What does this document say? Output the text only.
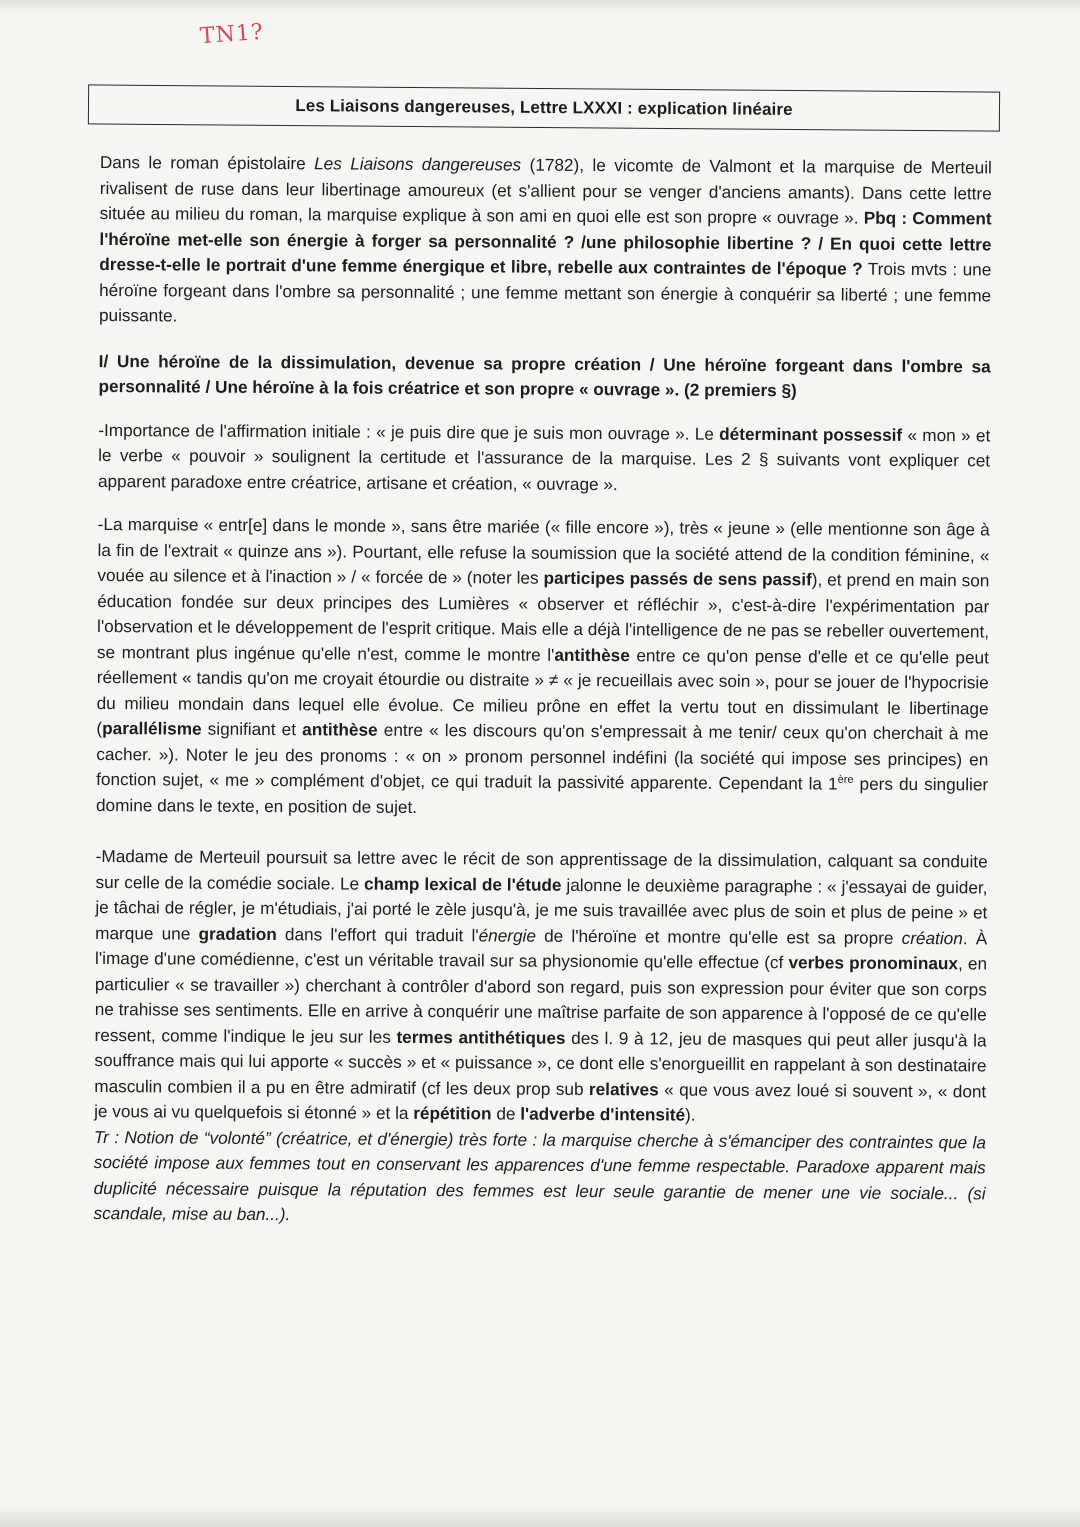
TN1?
Les Liaisons dangereuses, Lettre LXXXI : explication linéaire

Dans le roman épistolaire Les Liaisons dangereuses (1782), le vicomte de Valmont et la marquise de Merteuil rivalisent de ruse dans leur libertinage amoureux (et s'allient pour se venger d'anciens amants). Dans cette lettre située au milieu du roman, la marquise explique à son ami en quoi elle est son propre « ouvrage ». Pbq : Comment l'héroïne met-elle son énergie à forger sa personnalité ? /une philosophie libertine ? / En quoi cette lettre dresse-t-elle le portrait d'une femme énergique et libre, rebelle aux contraintes de l'époque ? Trois mvts : une héroïne forgeant dans l'ombre sa personnalité ; une femme mettant son énergie à conquérir sa liberté ; une femme puissante.

I/ Une héroïne de la dissimulation, devenue sa propre création / Une héroïne forgeant dans l'ombre sa personnalité / Une héroïne à la fois créatrice et son propre « ouvrage ». (2 premiers §)

-Importance de l'affirmation initiale : « je puis dire que je suis mon ouvrage ». Le déterminant possessif « mon » et le verbe « pouvoir » soulignent la certitude et l'assurance de la marquise. Les 2 § suivants vont expliquer cet apparent paradoxe entre créatrice, artisane et création, « ouvrage ».

-La marquise « entr[e] dans le monde », sans être mariée (« fille encore »), très « jeune » (elle mentionne son âge à la fin de l'extrait « quinze ans »). Pourtant, elle refuse la soumission que la société attend de la condition féminine, « vouée au silence et à l'inaction » / « forcée de » (noter les participes passés de sens passif), et prend en main son éducation fondée sur deux principes des Lumières « observer et réfléchir », c'est-à-dire l'expérimentation par l'observation et le développement de l'esprit critique. Mais elle a déjà l'intelligence de ne pas se rebeller ouvertement, se montrant plus ingénue qu'elle n'est, comme le montre l'antithèse entre ce qu'on pense d'elle et ce qu'elle peut réellement « tandis qu'on me croyait étourdie ou distraite » ≠ « je recueillais avec soin », pour se jouer de l'hypocrisie du milieu mondain dans lequel elle évolue. Ce milieu prône en effet la vertu tout en dissimulant le libertinage (parallélisme signifiant et antithèse entre « les discours qu'on s'empressait à me tenir/ ceux qu'on cherchait à me cacher. »). Noter le jeu des pronoms : « on » pronom personnel indéfini (la société qui impose ses principes) en fonction sujet, « me » complément d'objet, ce qui traduit la passivité apparente. Cependant la 1ère pers du singulier domine dans le texte, en position de sujet.

-Madame de Merteuil poursuit sa lettre avec le récit de son apprentissage de la dissimulation, calquant sa conduite sur celle de la comédie sociale. Le champ lexical de l'étude jalonne le deuxième paragraphe : « j'essayai de guider, je tâchai de régler, je m'étudiais, j'ai porté le zèle jusqu'à, je me suis travaillée avec plus de soin et plus de peine » et marque une gradation dans l'effort qui traduit l'énergie de l'héroïne et montre qu'elle est sa propre création. À l'image d'une comédienne, c'est un véritable travail sur sa physionomie qu'elle effectue (cf verbes pronominaux, en particulier « se travailler ») cherchant à contrôler d'abord son regard, puis son expression pour éviter que son corps ne trahisse ses sentiments. Elle en arrive à conquérir une maîtrise parfaite de son apparence à l'opposé de ce qu'elle ressent, comme l'indique le jeu sur les termes antithétiques des l. 9 à 12, jeu de masques qui peut aller jusqu'à la souffrance mais qui lui apporte « succès » et « puissance », ce dont elle s'enorgueillit en rappelant à son destinataire masculin combien il a pu en être admiratif (cf les deux prop sub relatives « que vous avez loué si souvent », « dont je vous ai vu quelquefois si étonné » et la répétition de l'adverbe d'intensité).

Tr : Notion de “volonté” (créatrice, et d'énergie) très forte : la marquise cherche à s'émanciper des contraintes que la société impose aux femmes tout en conservant les apparences d'une femme respectable. Paradoxe apparent mais duplicité nécessaire puisque la réputation des femmes est leur seule garantie de mener une vie sociale... (si scandale, mise au ban...).
